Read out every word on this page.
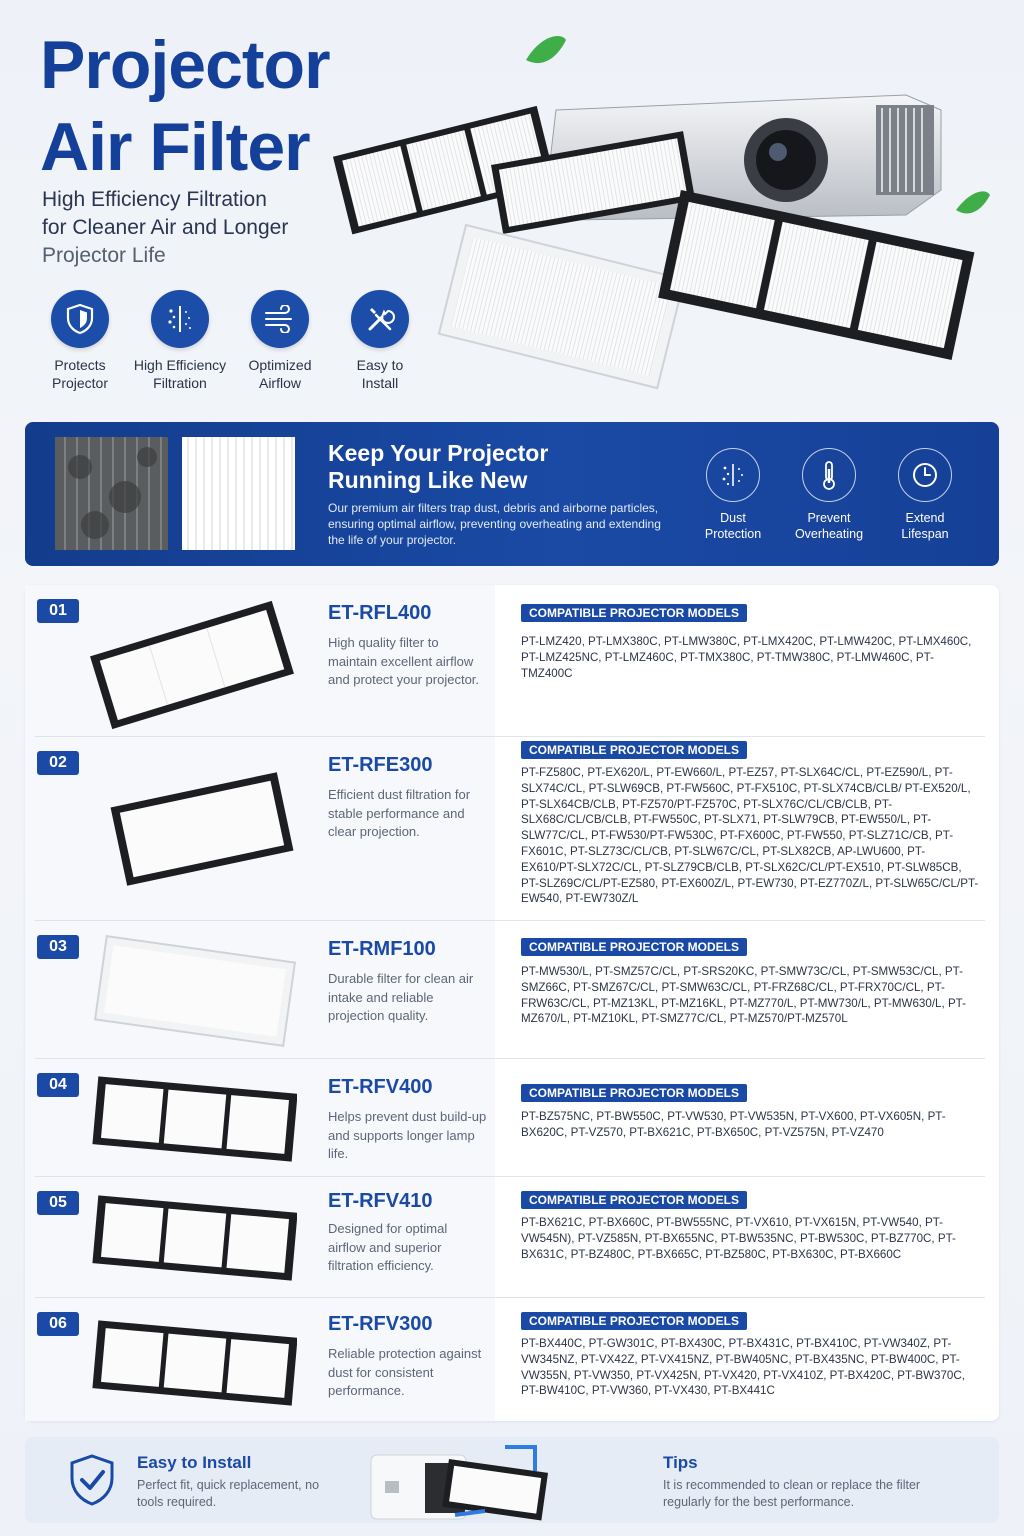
Projector
Air Filter
High Efficiency Filtration
for Cleaner Air and Longer
Projector Life
Protects
Projector
High Efficiency
Filtration
Optimized
Airflow
Easy to
Install
Keep Your Projector
Running Like New
Our premium air filters trap dust, debris and airborne particles, ensuring optimal airflow, preventing overheating and extending the life of your projector.
Dust
Protection
Prevent
Overheating
Extend
Lifespan
01	ET-RFL400
High quality filter to maintain excellent airflow and protect your projector.
COMPATIBLE PROJECTOR MODELS
PT-LMZ420, PT-LMX380C, PT-LMW380C, PT-LMX420C, PT-LMW420C, PT-LMX460C, PT-LMZ425NC, PT-LMZ460C, PT-TMX380C, PT-TMW380C, PT-LMW460C, PT-TMZ400C
02	ET-RFE300
Efficient dust filtration for stable performance and clear projection.
COMPATIBLE PROJECTOR MODELS
PT-FZ580C, PT-EX620/L, PT-EW660/L, PT-EZ57, PT-SLX64C/CL, PT-EZ590/L, PT-SLX74C/CL, PT-SLW69CB, PT-FW560C, PT-FX510C, PT-SLX74CB/CLB/ PT-EX520/L, PT-SLX64CB/CLB, PT-FZ570/PT-FZ570C, PT-SLX76C/CL/CB/CLB, PT-SLX68C/CL/CB/CLB, PT-FW550C, PT-SLX71, PT-SLW79CB, PT-EW550/L, PT-SLW77C/CL, PT-FW530/PT-FW530C, PT-FX600C, PT-FW550, PT-SLZ71C/CB, PT-FX601C, PT-SLZ73C/CL/CB, PT-SLW67C/CL, PT-SLX82CB, AP-LWU600, PT-EX610/PT-SLX72C/CL, PT-SLZ79CB/CLB, PT-SLX62C/CL/PT-EX510, PT-SLW85CB, PT-SLZ69C/CL/PT-EZ580, PT-EX600Z/L, PT-EW730, PT-EZ770Z/L, PT-SLW65C/CL/PT-EW540, PT-EW730Z/L
03	ET-RMF100
Durable filter for clean air intake and reliable projection quality.
COMPATIBLE PROJECTOR MODELS
PT-MW530/L, PT-SMZ57C/CL, PT-SRS20KC, PT-SMW73C/CL, PT-SMW53C/CL, PT-SMZ66C, PT-SMZ67C/CL, PT-SMW63C/CL, PT-FRZ68C/CL, PT-FRX70C/CL, PT-FRW63C/CL, PT-MZ13KL, PT-MZ16KL, PT-MZ770/L, PT-MW730/L, PT-MW630/L, PT-MZ670/L, PT-MZ10KL, PT-SMZ77C/CL, PT-MZ570/PT-MZ570L
04	ET-RFV400
Helps prevent dust build-up and supports longer lamp life.
COMPATIBLE PROJECTOR MODELS
PT-BZ575NC, PT-BW550C, PT-VW530, PT-VW535N, PT-VX600, PT-VX605N, PT-BX620C, PT-VZ570, PT-BX621C, PT-BX650C, PT-VZ575N, PT-VZ470
05	ET-RFV410
Designed for optimal airflow and superior filtration efficiency.
COMPATIBLE PROJECTOR MODELS
PT-BX621C, PT-BX660C, PT-BW555NC, PT-VX610, PT-VX615N, PT-VW540, PT-VW545N), PT-VZ585N, PT-BX655NC, PT-BW535NC, PT-BW530C, PT-BZ770C, PT-BX631C, PT-BZ480C, PT-BX665C, PT-BZ580C, PT-BX630C, PT-BX660C
06	ET-RFV300
Reliable protection against dust for consistent performance.
COMPATIBLE PROJECTOR MODELS
PT-BX440C, PT-GW301C, PT-BX430C, PT-BX431C, PT-BX410C, PT-VW340Z, PT-VW345NZ, PT-VX42Z, PT-VX415NZ, PT-BW405NC, PT-BX435NC, PT-BW400C, PT-VW355N, PT-VW350, PT-VX425N, PT-VX420, PT-VX410Z, PT-BX420C, PT-BW370C, PT-BW410C, PT-VW360, PT-VX430, PT-BX441C
Easy to Install
Perfect fit, quick replacement, no tools required.
Tips
It is recommended to clean or replace the filter regularly for the best performance.
